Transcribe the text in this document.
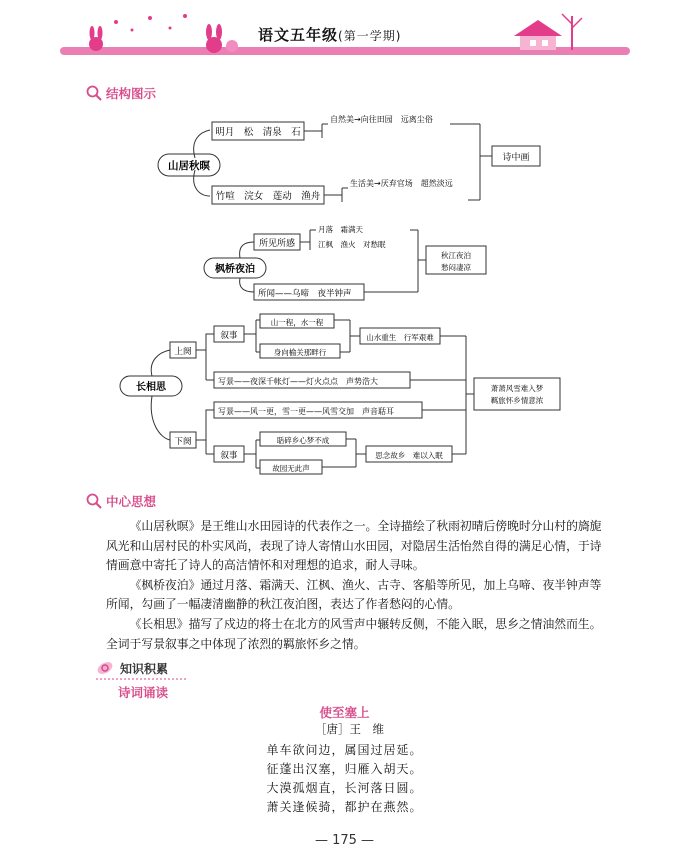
语文五年级(第一学期)
结构图示
山居秋暝
明月　松　清泉　石
竹喧　浣女　莲动　渔舟
自然美→向往田园　远离尘俗
生活美→厌弃官场　超然淡远
诗中画
枫桥夜泊
所见所感
月落　霜满天
江枫　渔火　对愁眠
所闻——乌啼　夜半钟声
秋江夜泊
愁闷凄凉
长相思
上阕
下阕
叙事
叙事
山一程，水一程
身向榆关那畔行
山水重生　行军艰难
写景——夜深千帐灯——灯火点点　声势浩大
写景——风一更，雪一更——风雪交加　声音聒耳
聒碎乡心梦不成
故园无此声
思念故乡　难以入眠
萧萧风雪难入梦
羁旅怀乡情意浓
中心思想

《山居秋暝》是王维山水田园诗的代表作之一。全诗描绘了秋雨初晴后傍晚时分山村的旖旎风光和山居村民的朴实风尚，表现了诗人寄情山水田园，对隐居生活怡然自得的满足心情，于诗情画意中寄托了诗人的高洁情怀和对理想的追求，耐人寻味。

《枫桥夜泊》通过月落、霜满天、江枫、渔火、古寺、客船等所见，加上乌啼、夜半钟声等所闻，勾画了一幅凄清幽静的秋江夜泊图，表达了作者愁闷的心情。

《长相思》描写了戍边的将士在北方的风雪声中辗转反侧，不能入眠，思乡之情油然而生。全词于写景叙事之中体现了浓烈的羁旅怀乡之情。

知识积累
诗词诵读
使至塞上
［唐］王　维
单车欲问边，属国过居延。
征蓬出汉塞，归雁入胡天。
大漠孤烟直，长河落日圆。
萧关逢候骑，都护在燕然。
— 175 —
